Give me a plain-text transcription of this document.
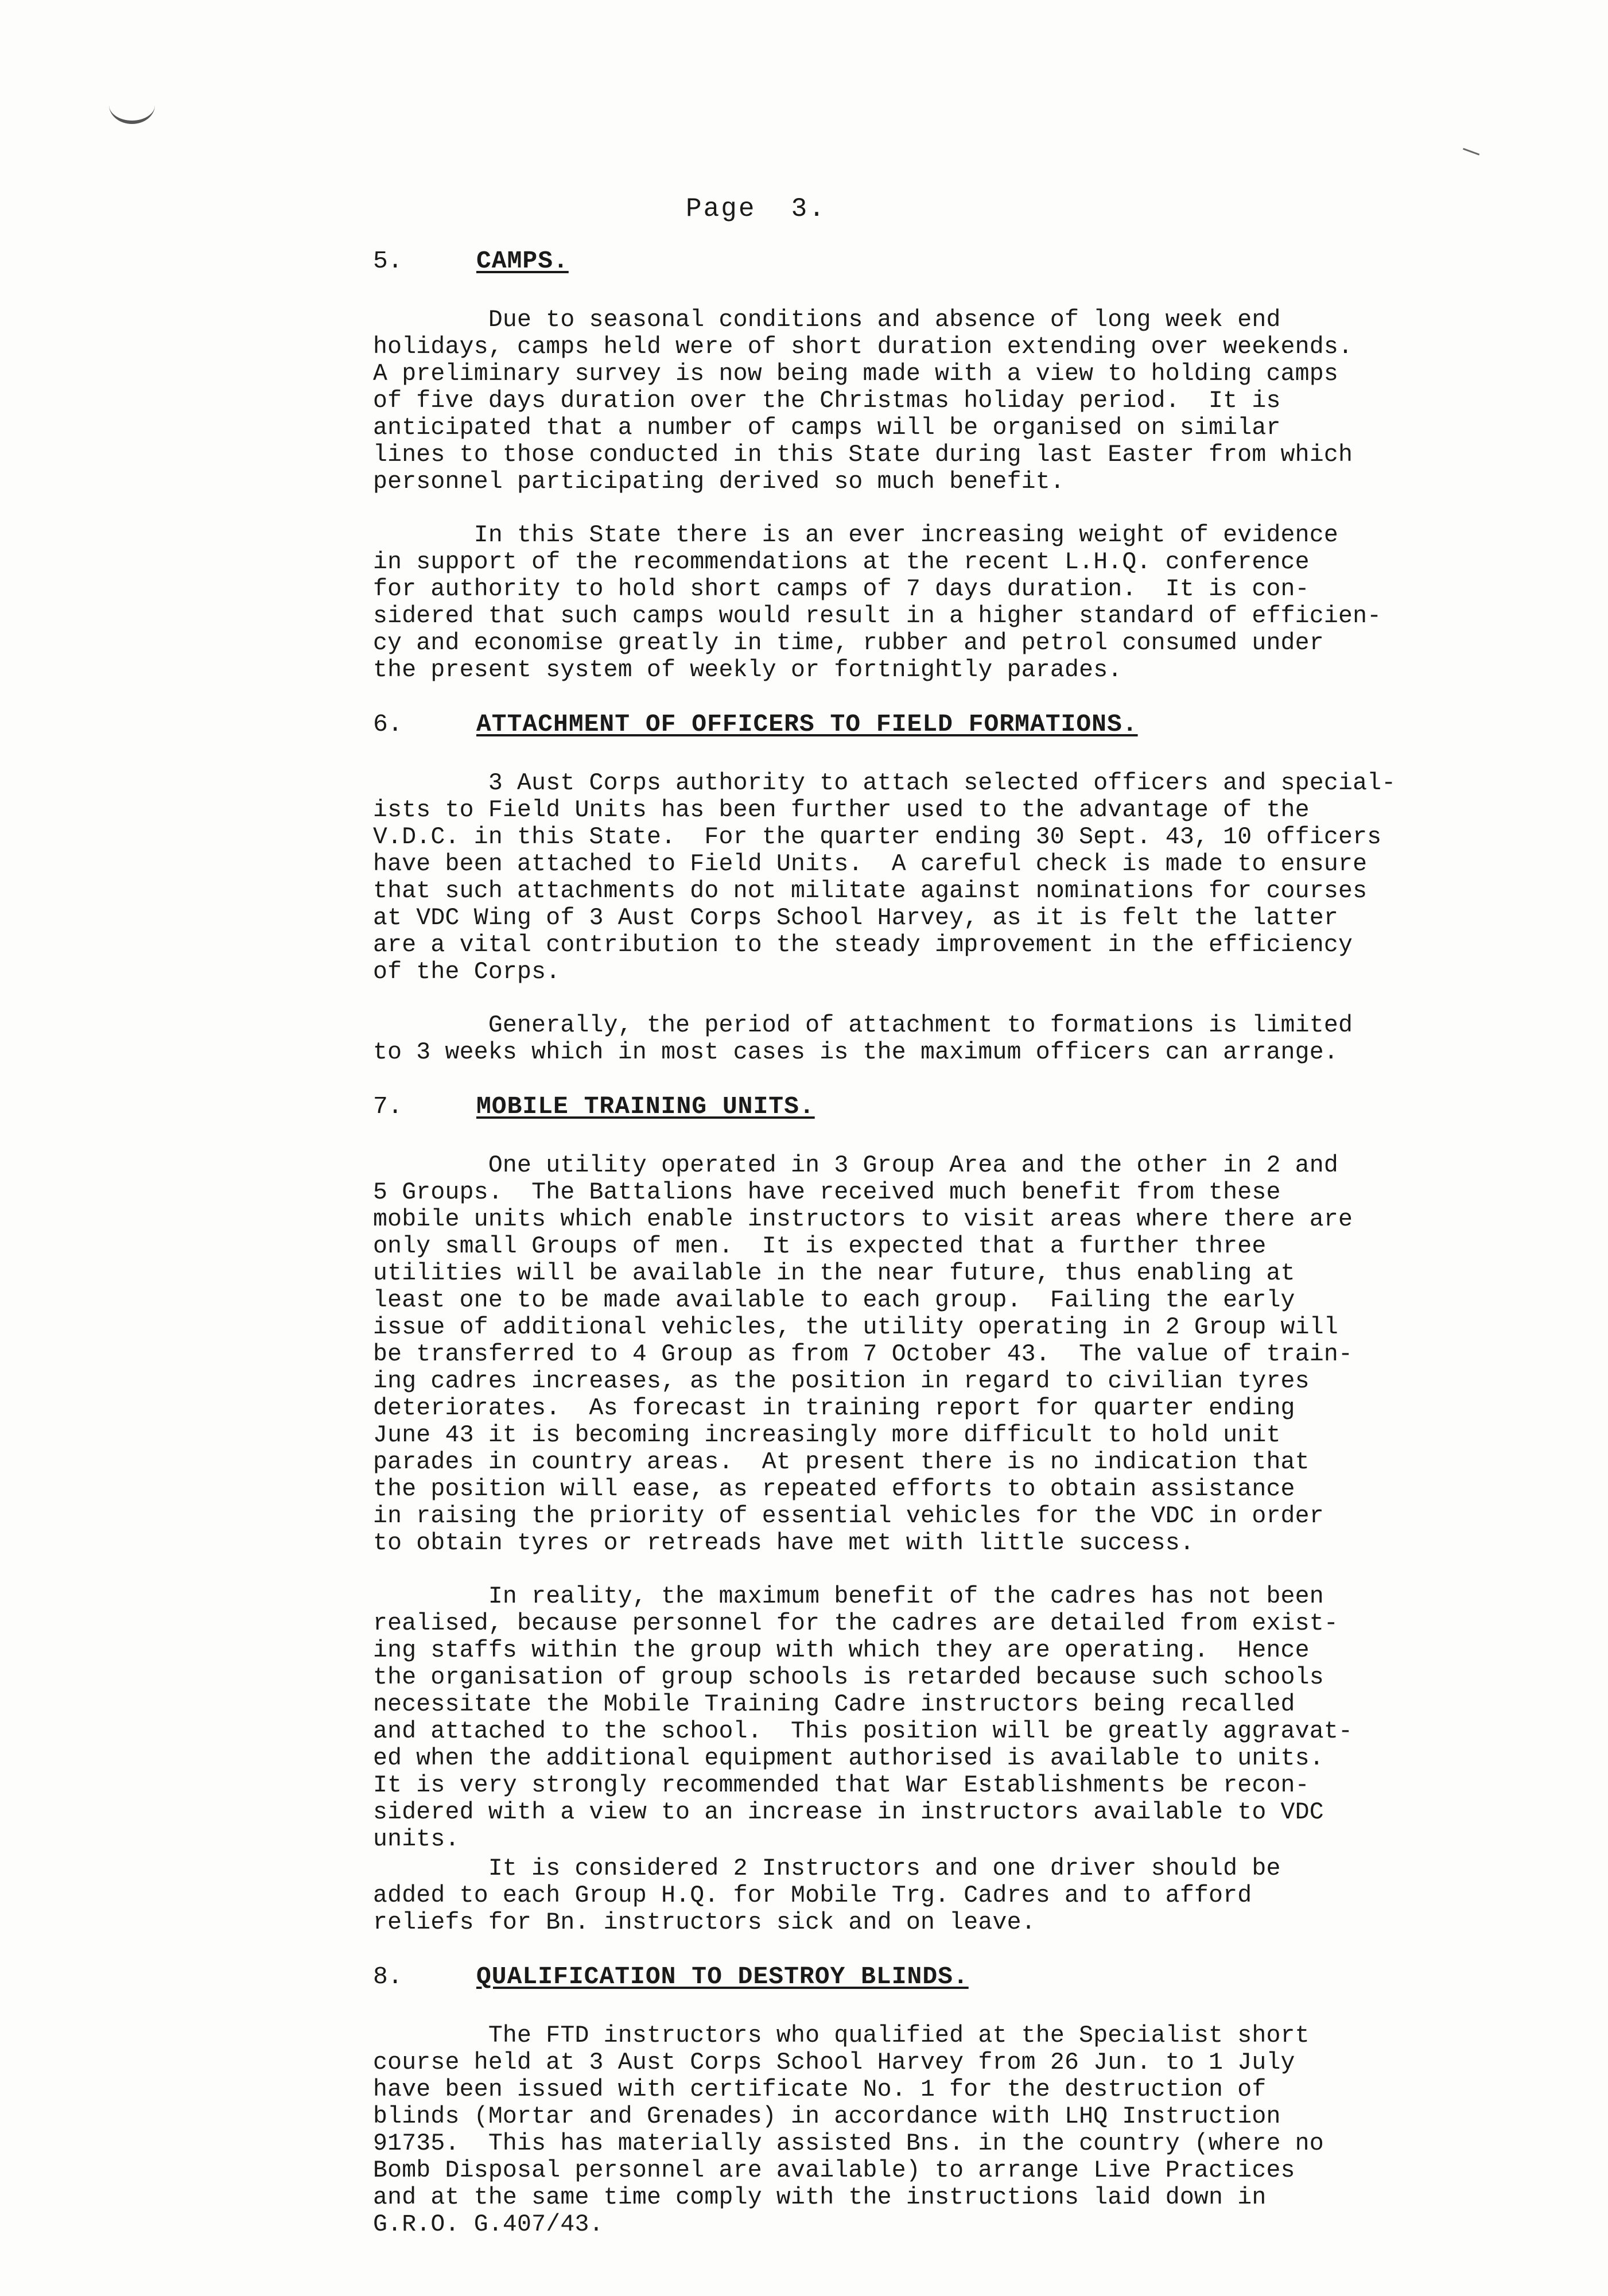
Page  3.
5.	CAMPS.
Due to seasonal conditions and absence of long week end
holidays, camps held were of short duration extending over weekends.
A preliminary survey is now being made with a view to holding camps
of five days duration over the Christmas holiday period.  It is
anticipated that a number of camps will be organised on similar
lines to those conducted in this State during last Easter from which
personnel participating derived so much benefit.
In this State there is an ever increasing weight of evidence
in support of the recommendations at the recent L.H.Q. conference
for authority to hold short camps of 7 days duration.  It is con-
sidered that such camps would result in a higher standard of efficien-
cy and economise greatly in time, rubber and petrol consumed under
the present system of weekly or fortnightly parades.
6.	ATTACHMENT OF OFFICERS TO FIELD FORMATIONS.
3 Aust Corps authority to attach selected officers and special-
ists to Field Units has been further used to the advantage of the
V.D.C. in this State.  For the quarter ending 30 Sept. 43, 10 officers
have been attached to Field Units.  A careful check is made to ensure
that such attachments do not militate against nominations for courses
at VDC Wing of 3 Aust Corps School Harvey, as it is felt the latter
are a vital contribution to the steady improvement in the efficiency
of the Corps.
Generally, the period of attachment to formations is limited
to 3 weeks which in most cases is the maximum officers can arrange.
7.	MOBILE TRAINING UNITS.
One utility operated in 3 Group Area and the other in 2 and
5 Groups.  The Battalions have received much benefit from these
mobile units which enable instructors to visit areas where there are
only small Groups of men.  It is expected that a further three
utilities will be available in the near future, thus enabling at
least one to be made available to each group.  Failing the early
issue of additional vehicles, the utility operating in 2 Group will
be transferred to 4 Group as from 7 October 43.  The value of train-
ing cadres increases, as the position in regard to civilian tyres
deteriorates.  As forecast in training report for quarter ending
June 43 it is becoming increasingly more difficult to hold unit
parades in country areas.  At present there is no indication that
the position will ease, as repeated efforts to obtain assistance
in raising the priority of essential vehicles for the VDC in order
to obtain tyres or retreads have met with little success.
In reality, the maximum benefit of the cadres has not been
realised, because personnel for the cadres are detailed from exist-
ing staffs within the group with which they are operating.  Hence
the organisation of group schools is retarded because such schools
necessitate the Mobile Training Cadre instructors being recalled
and attached to the school.  This position will be greatly aggravat-
ed when the additional equipment authorised is available to units.
It is very strongly recommended that War Establishments be recon-
sidered with a view to an increase in instructors available to VDC
units.
It is considered 2 Instructors and one driver should be
added to each Group H.Q. for Mobile Trg. Cadres and to afford
reliefs for Bn. instructors sick and on leave.
8.	QUALIFICATION TO DESTROY BLINDS.
The FTD instructors who qualified at the Specialist short
course held at 3 Aust Corps School Harvey from 26 Jun. to 1 July
have been issued with certificate No. 1 for the destruction of
blinds (Mortar and Grenades) in accordance with LHQ Instruction
91735.  This has materially assisted Bns. in the country (where no
Bomb Disposal personnel are available) to arrange Live Practices
and at the same time comply with the instructions laid down in
G.R.O. G.407/43.
